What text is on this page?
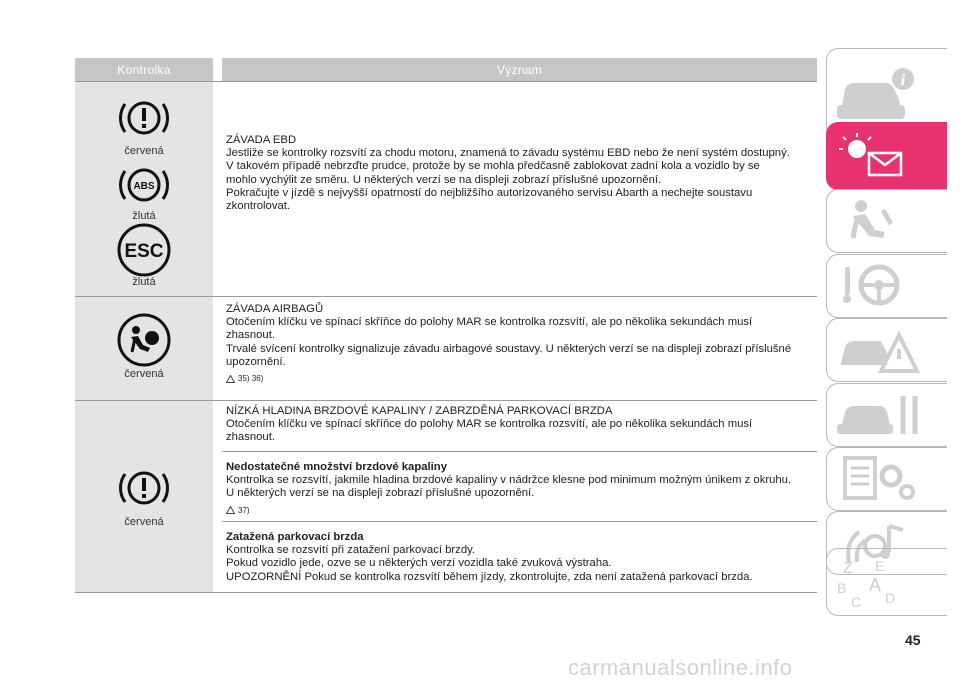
Kontrolka	Význam
červená
ABS
žlutá
ESC
žlutá

ZÁVADA EBD

Jestliže se kontrolky rozsvítí za chodu motoru, znamená to závadu systému EBD nebo že není systém dostupný.

V takovém případě nebrzďte prudce, protože by se mohla předčasně zablokovat zadní kola a vozidlo by se

mohlo vychýlit ze směru. U některých verzí se na displeji zobrazí příslušné upozornění.

Pokračujte v jízdě s nejvyšší opatrností do nejbližšího autorizovaného servisu Abarth a nechejte soustavu

zkontrolovat.

červená

ZÁVADA AIRBAGŮ

Otočením klíčku ve spínací skříňce do polohy MAR se kontrolka rozsvítí, ale po několika sekundách musí

zhasnout.

Trvalé svícení kontrolky signalizuje závadu airbagové soustavy. U některých verzí se na displeji zobrazí příslušné

upozornění.

35) 36)
červená

NÍZKÁ HLADINA BRZDOVÉ KAPALINY / ZABRZDĚNÁ PARKOVACÍ BRZDA

Otočením klíčku ve spínací skříňce do polohy MAR se kontrolka rozsvítí, ale po několika sekundách musí

zhasnout.

Nedostatečné množství brzdové kapaliny

Kontrolka se rozsvítí, jakmile hladina brzdové kapaliny v nádržce klesne pod minimum možným únikem z okruhu.

U některých verzí se na displeji zobrazí příslušné upozornění.

37)

Zatažená parkovací brzda

Kontrolka se rozsvítí při zatažení parkovací brzdy.

Pokud vozidlo jede, ozve se u některých verzí vozidla také zvuková výstraha.

UPOZORNĚNÍ Pokud se kontrolka rozsvítí během jízdy, zkontrolujte, zda není zatažená parkovací brzda.

i
Z E
B A
C D
45
carmanualsonline.info
